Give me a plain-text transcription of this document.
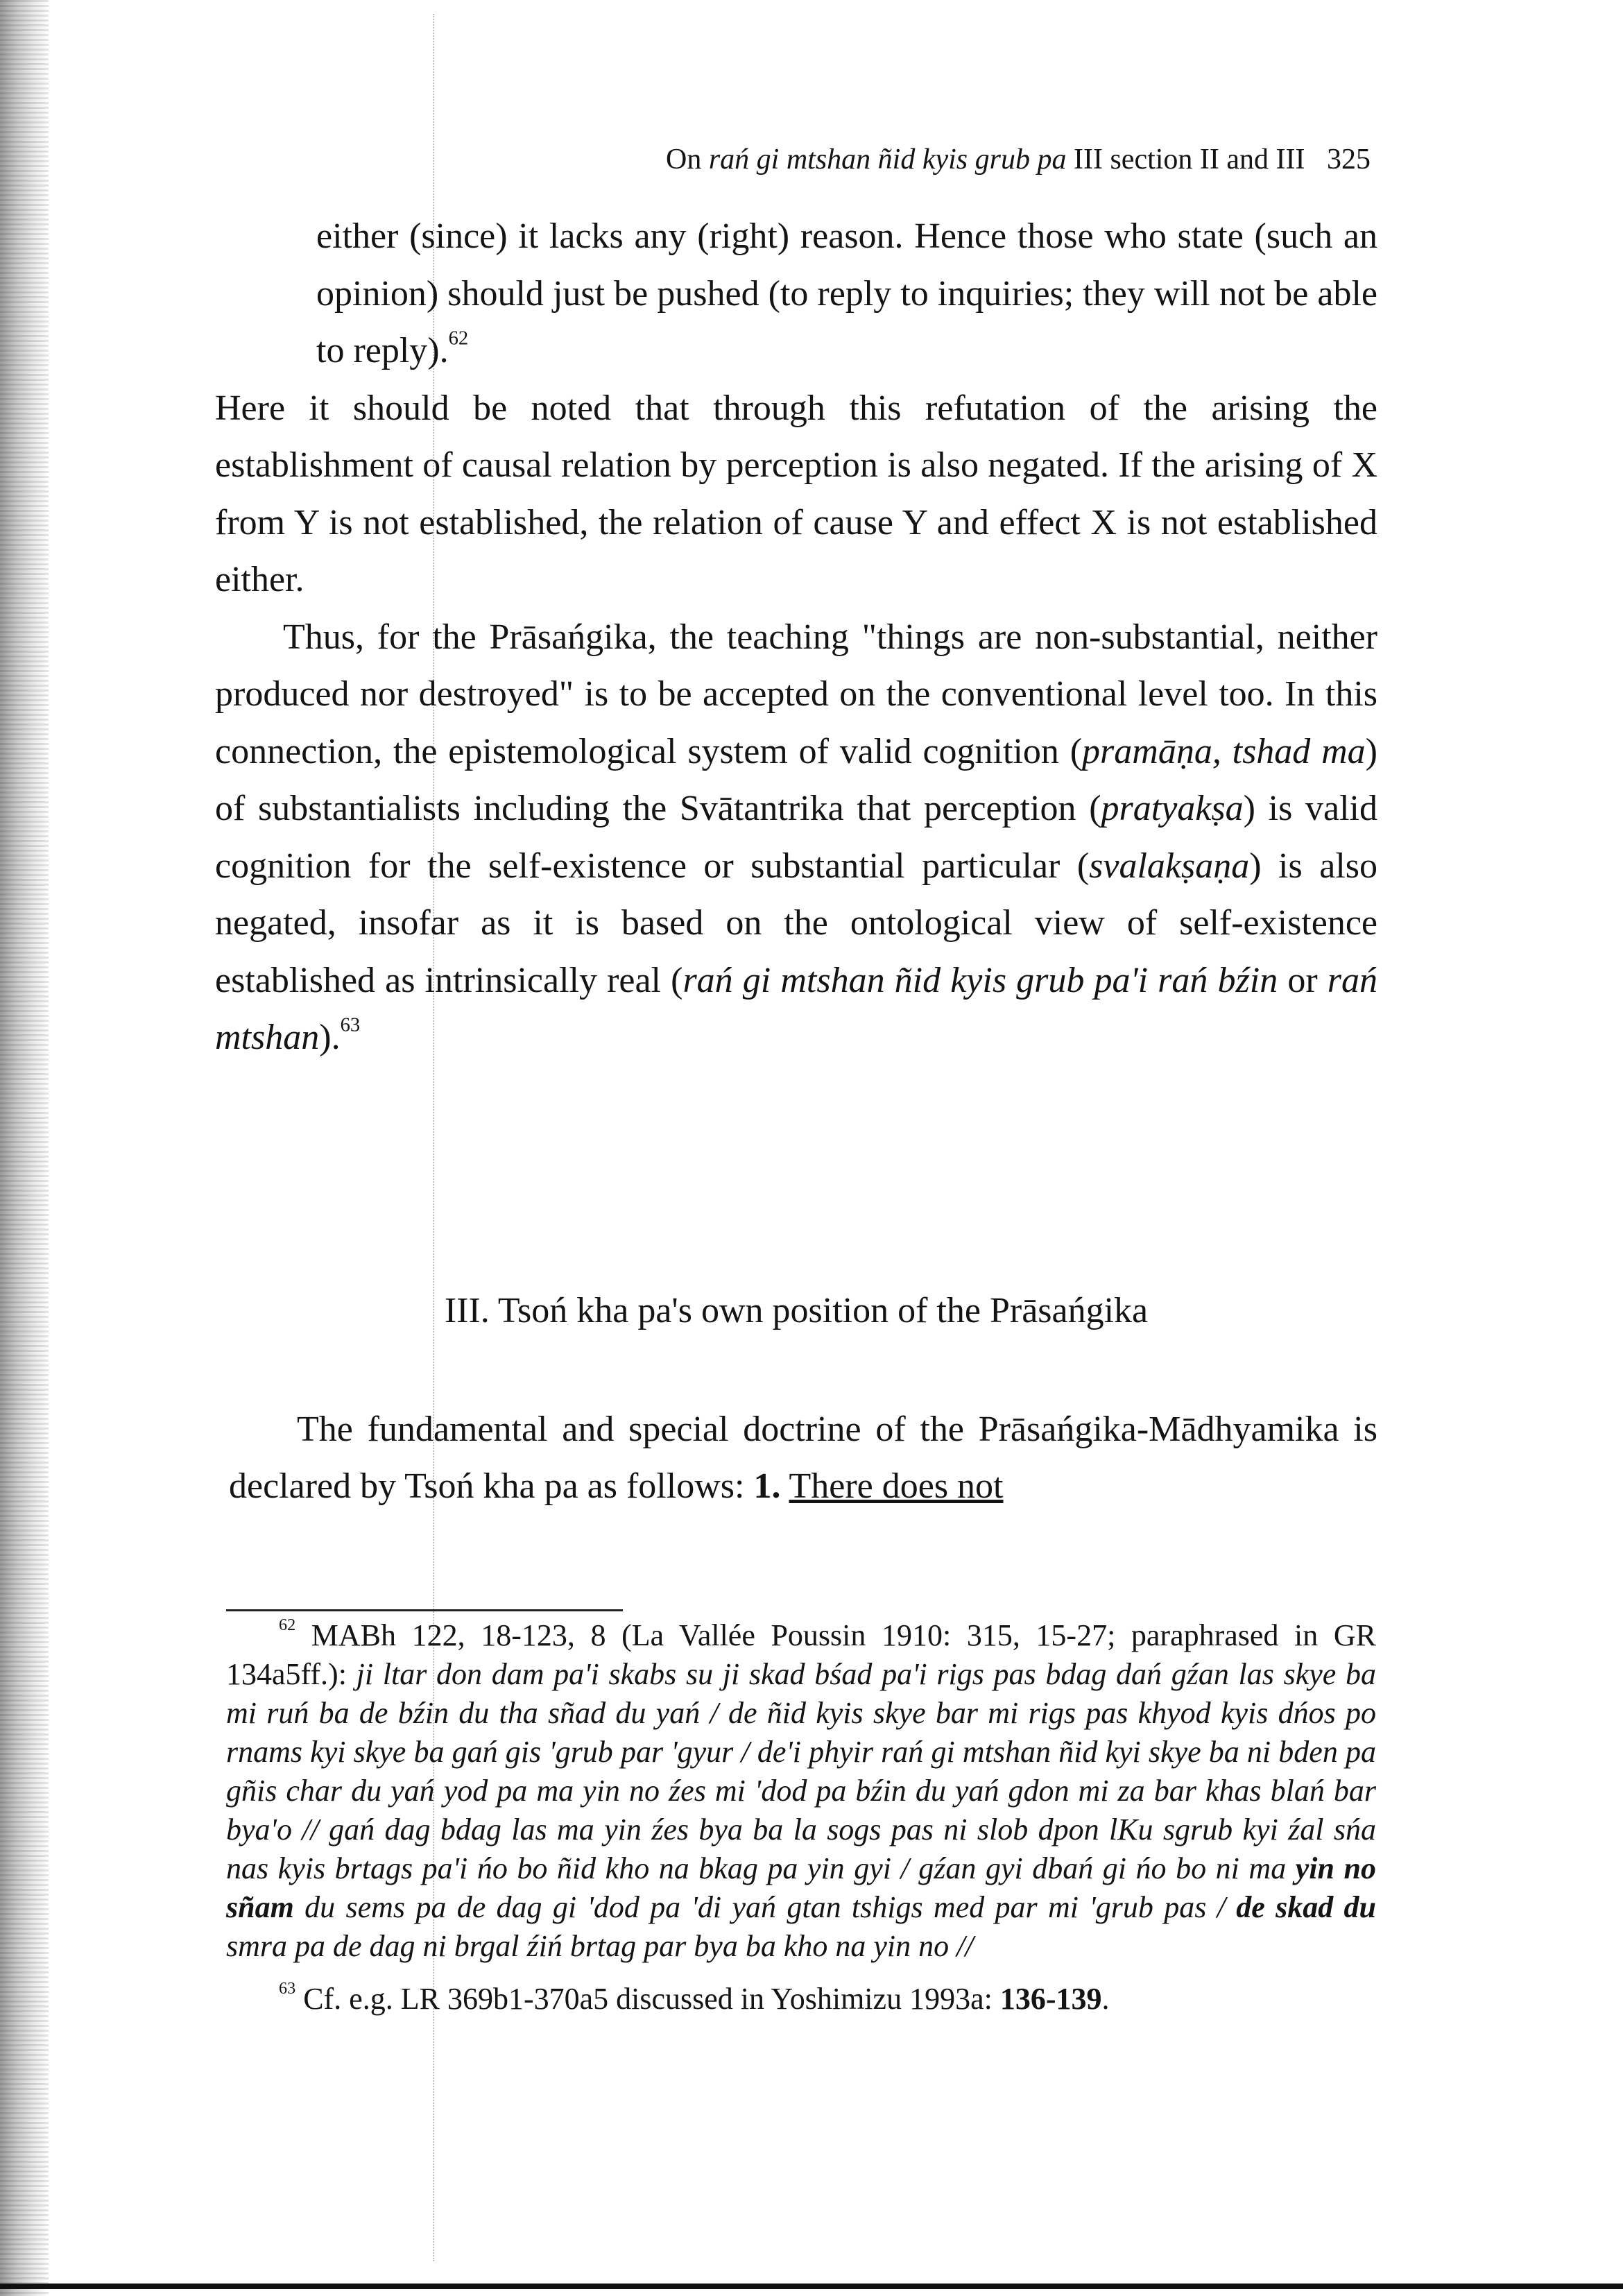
On rań gi mtshan ñid kyis grub pa III section II and III 325

either (since) it lacks any (right) reason. Hence those who state (such an opinion) should just be pushed (to reply to inquiries; they will not be able to reply).$^{62}$

Here it should be noted that through this refutation of the arising the establishment of causal relation by perception is also negated. If the arising of X from Y is not established, the relation of cause Y and effect X is not established either.

Thus, for the Prāsańgika, the teaching "things are non-substantial, neither produced nor destroyed" is to be accepted on the conventional level too. In this connection, the epistemological system of valid cognition (pramāṇa, tshad ma) of substantialists including the Svātantrika that perception (pratyakṣa) is valid cognition for the self-existence or substantial particular (svalakṣaṇa) is also negated, insofar as it is based on the ontological view of self-existence established as intrinsically real (rań gi mtshan ñid kyis grub pa'i rań bźin or rań mtshan).$^{63}$

III. Tsoń kha pa's own position of the Prāsańgika

The fundamental and special doctrine of the Prāsańgika-Mādhyamika is declared by Tsoń kha pa as follows: 1. There does not

$^{62}$ MABh 122, 18-123, 8 (La Vallée Poussin 1910: 315, 15-27; paraphrased in GR 134a5ff.): ji ltar don dam pa'i skabs su ji skad bśad pa'i rigs pas bdag dań gźan las skye ba mi ruń ba de bźin du tha sñad du yań / de ñid kyis skye bar mi rigs pas khyod kyis dńos po rnams kyi skye ba gań gis 'grub par 'gyur / de'i phyir rań gi mtshan ñid kyi skye ba ni bden pa gñis char du yań yod pa ma yin no źes mi 'dod pa bźin du yań gdon mi za bar khas blań bar bya'o // gań dag bdag las ma yin źes bya ba la sogs pas ni slob dpon lKu sgrub kyi źal sńa nas kyis brtags pa'i ńo bo ñid kho na bkag pa yin gyi / gźan gyi dbań gi ńo bo ni ma yin no sñam du sems pa de dag gi 'dod pa 'di yań gtan tshigs med par mi 'grub pas / de skad du smra pa de dag ni brgal źiń brtag par bya ba kho na yin no //

$^{63}$ Cf. e.g. LR 369b1-370a5 discussed in Yoshimizu 1993a: 136-139.
